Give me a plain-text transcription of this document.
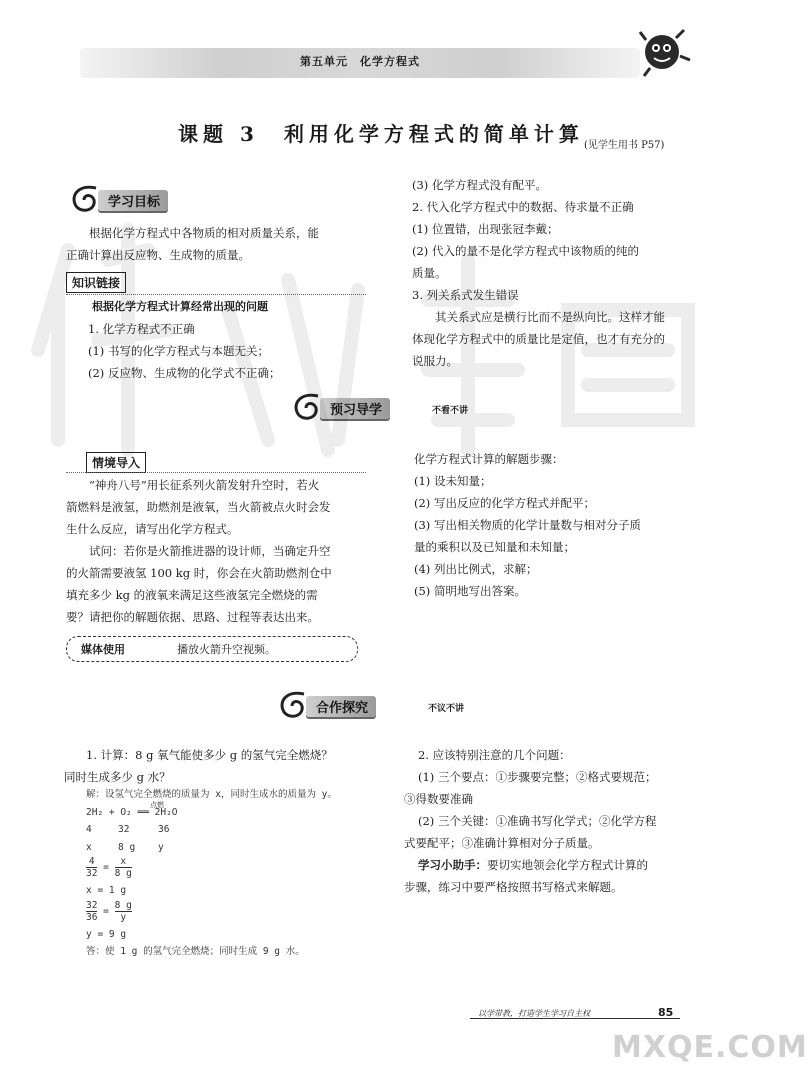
第五单元　化学方程式
课题 3　利用化学方程式的简单计算 (见学生用书 P57)
学习目标

根据化学方程式中各物质的相对质量关系，能

正确计算出反应物、生成物的质量。

知识链接

根据化学方程式计算经常出现的问题

1. 化学方程式不正确

(1) 书写的化学方程式与本题无关；

(2) 反应物、生成物的化学式不正确；

(3) 化学方程式没有配平。

2. 代入化学方程式中的数据、待求量不正确

(1) 位置错，出现张冠李戴；

(2) 代入的量不是化学方程式中该物质的纯的

质量。

3. 列关系式发生错误

其关系式应是横行比而不是纵向比。这样才能

体现化学方程式中的质量比是定值，也才有充分的

说服力。

预习导学	不看不讲
情境导入

“神舟八号”用长征系列火箭发射升空时，若火

箭燃料是液氢，助燃剂是液氧，当火箭被点火时会发

生什么反应，请写出化学方程式。

试问：若你是火箭推进器的设计师，当确定升空

的火箭需要液氢 100 kg 时，你会在火箭助燃剂仓中

填充多少 kg 的液氧来满足这些液氢完全燃烧的需

要？请把你的解题依据、思路、过程等表达出来。

媒体使用	播放火箭升空视频。

化学方程式计算的解题步骤：

(1) 设未知量；

(2) 写出反应的化学方程式并配平；

(3) 写出相关物质的化学计量数与相对分子质

量的乘积以及已知量和未知量；

(4) 列出比例式，求解；

(5) 简明地写出答案。

合作探究	不议不讲

1. 计算：8 g 氧气能使多少 g 的氢气完全燃烧？

同时生成多少 g 水？

解：设氢气完全燃烧的质量为 x，同时生成水的质量为 y。
点燃
2H₂ + O₂ ══ 2H₂O
4	32	36
x	8 g y
$\frac{4}{32} = \frac{x}{8 g}$
x = 1 g
$\frac{32}{36} = \frac{8 g}{y}$
y = 9 g
答：使 1 g 的氢气完全燃烧；同时生成 9 g 水。

2. 应该特别注意的几个问题：

(1) 三个要点：①步骤要完整；②格式要规范；

③得数要准确

(2) 三个关键：①准确书写化学式；②化学方程

式要配平；③准确计算相对分子质量。

学习小助手：要切实地领会化学方程式计算的

步骤，练习中要严格按照书写格式来解题。

以学带教，打造学生学习自主权	85
MXQE.COM
